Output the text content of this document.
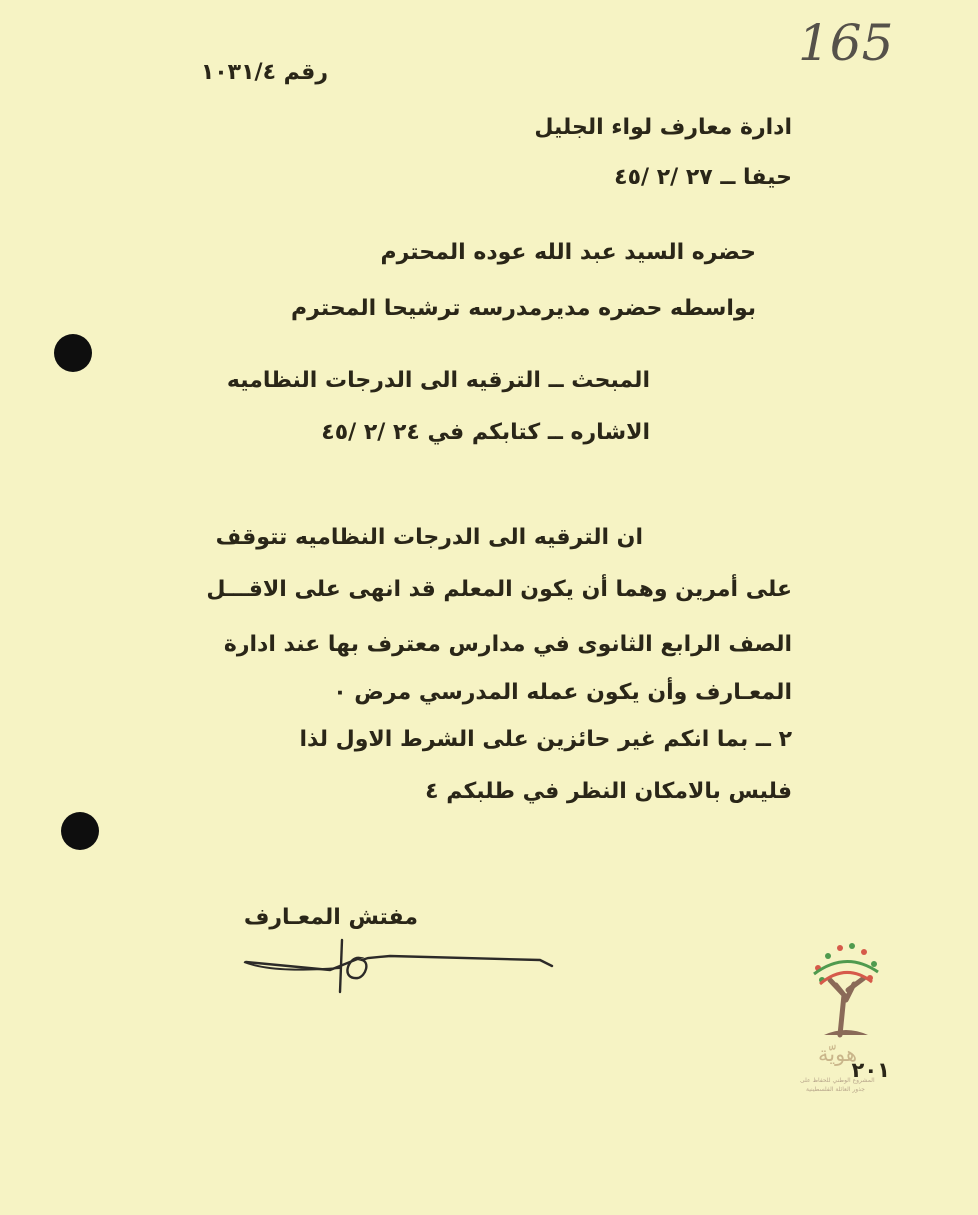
165
رقم ١٠٣١/٤
ادارة معارف لواء الجليل
حيفا ــ ٢٧ /٢ /٤٥
حضره السيد عبد الله عوده المحترم
بواسطه حضره مديرمدرسه ترشيحا المحترم
المبحث ــ الترقيه الى الدرجات النظاميه
الاشاره ــ كتابكم في ٢٤ /٢ /٤٥
ان الترقيه الى الدرجات النظاميه تتوقف
على أمرين وهما أن يكون المعلم قد انهى على الاقـــل
الصف الرابع الثانوى في مدارس معترف بها عند ادارة
المعـارف وأن يكون عمله المدرسي مرض ٠
٢ ــ بما انكم غير حائزين على الشرط الاول لذا
فليس بالامكان النظر في طلبكم ٤
مفتش المعـارف
٢٠١
هويّة
المشروع الوطني للحفاظ على
جذور العائلة الفلسطينية
